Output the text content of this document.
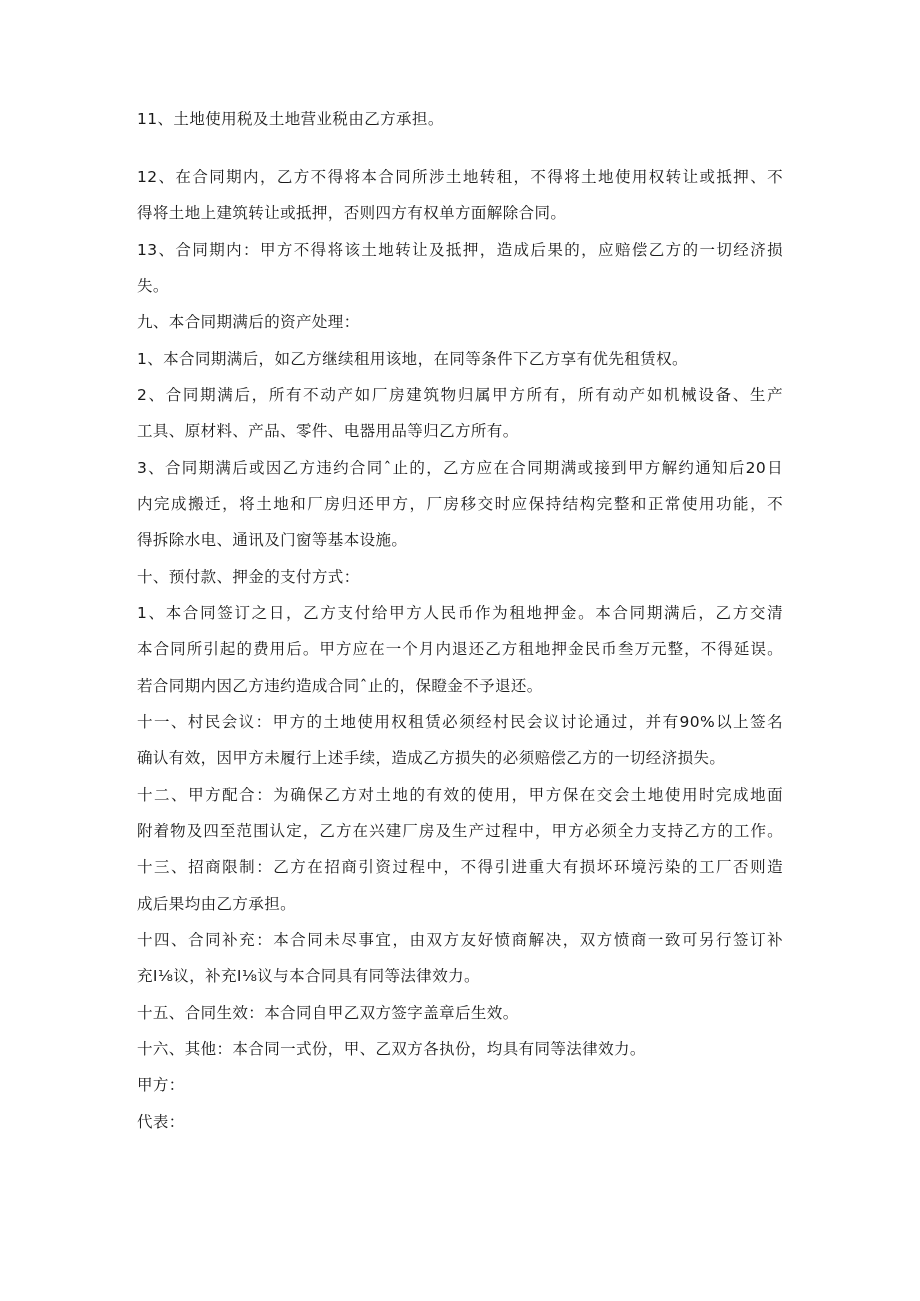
11、土地使用税及土地营业税由乙方承担。

12、在合同期内，乙方不得将本合同所涉土地转租，不得将土地使用权转让或抵押、不

得将土地上建筑转让或抵押，否则四方有权单方面解除合同。

13、合同期内：甲方不得将该土地转让及抵押，造成后果的，应赔偿乙方的一切经济损

失。

九、本合同期满后的资产处理：

1、本合同期满后，如乙方继续租用该地，在同等条件下乙方享有优先租赁权。

2、合同期满后，所有不动产如厂房建筑物归属甲方所有，所有动产如机械设备、生产

工具、原材料、产品、零件、电器用品等归乙方所有。

3、合同期满后或因乙方违约合同ˆ止的，乙方应在合同期满或接到甲方解约通知后20日

内完成搬迁，将土地和厂房归还甲方，厂房移交时应保持结构完整和正常使用功能，不

得拆除水电、通讯及门窗等基本设施。

十、预付款、押金的支付方式：

1、本合同签订之日，乙方支付给甲方人民币作为租地押金。本合同期满后，乙方交清

本合同所引起的费用后。甲方应在一个月内退还乙方租地押金民币叁万元整，不得延误。

若合同期内因乙方违约造成合同ˆ止的，保瞪金不予退还。

十一、村民会议：甲方的土地使用权租赁必须经村民会议讨论通过，并有90%以上签名

确认有效，因甲方未履行上述手续，造成乙方损失的必须赔偿乙方的一切经济损失。

十二、甲方配合：为确保乙方对土地的有效的使用，甲方保在交会土地使用时完成地面

附着物及四至范围认定，乙方在兴建厂房及生产过程中，甲方必须全力支持乙方的工作。

十三、招商限制：乙方在招商引资过程中，不得引进重大有损坏环境污染的工厂否则造

成后果均由乙方承担。

十四、合同补充：本合同未尽事宜，由双方友好愤商解决，双方愤商一致可另行签订补

充I⅛议，补充I⅛议与本合同具有同等法律效力。

十五、合同生效：本合同自甲乙双方签字盖章后生效。

十六、其他：本合同一式份，甲、乙双方各执份，均具有同等法律效力。

甲方：

代表：
